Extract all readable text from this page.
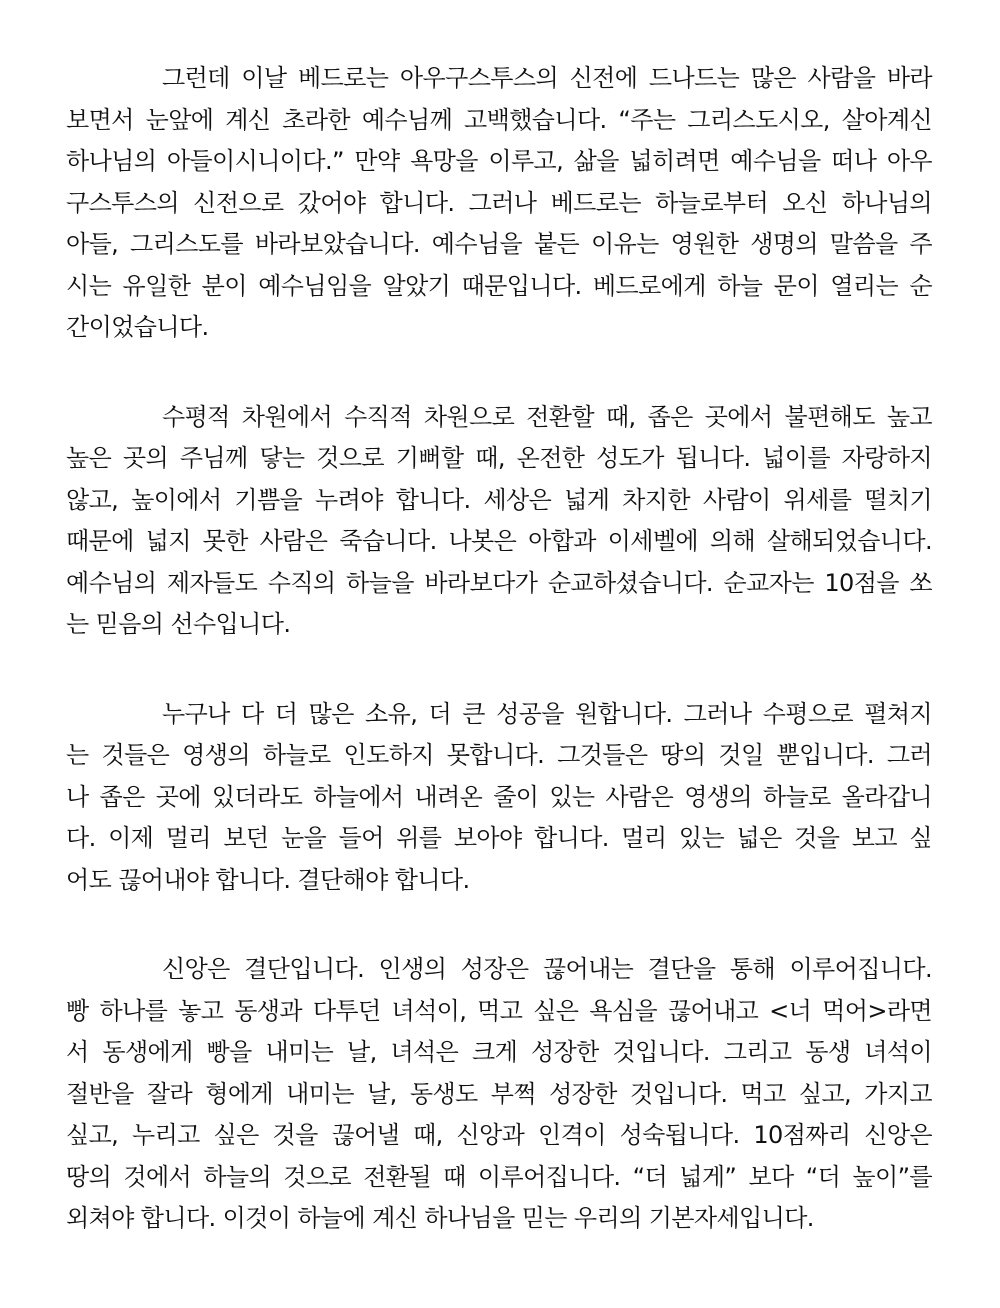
그런데 이날 베드로는 아우구스투스의 신전에 드나드는 많은 사람을 바라
보면서 눈앞에 계신 초라한 예수님께 고백했습니다. “주는 그리스도시오, 살아계신
하나님의 아들이시니이다.” 만약 욕망을 이루고, 삶을 넓히려면 예수님을 떠나 아우
구스투스의 신전으로 갔어야 합니다. 그러나 베드로는 하늘로부터 오신 하나님의
아들, 그리스도를 바라보았습니다. 예수님을 붙든 이유는 영원한 생명의 말씀을 주
시는 유일한 분이 예수님임을 알았기 때문입니다. 베드로에게 하늘 문이 열리는 순
간이었습니다.
수평적 차원에서 수직적 차원으로 전환할 때, 좁은 곳에서 불편해도 높고
높은 곳의 주님께 닿는 것으로 기뻐할 때, 온전한 성도가 됩니다. 넓이를 자랑하지
않고, 높이에서 기쁨을 누려야 합니다. 세상은 넓게 차지한 사람이 위세를 떨치기
때문에 넓지 못한 사람은 죽습니다. 나봇은 아합과 이세벨에 의해 살해되었습니다.
예수님의 제자들도 수직의 하늘을 바라보다가 순교하셨습니다. 순교자는 10점을 쏘
는 믿음의 선수입니다.
누구나 다 더 많은 소유, 더 큰 성공을 원합니다. 그러나 수평으로 펼쳐지
는 것들은 영생의 하늘로 인도하지 못합니다. 그것들은 땅의 것일 뿐입니다. 그러
나 좁은 곳에 있더라도 하늘에서 내려온 줄이 있는 사람은 영생의 하늘로 올라갑니
다. 이제 멀리 보던 눈을 들어 위를 보아야 합니다. 멀리 있는 넓은 것을 보고 싶
어도 끊어내야 합니다. 결단해야 합니다.
신앙은 결단입니다. 인생의 성장은 끊어내는 결단을 통해 이루어집니다.
빵 하나를 놓고 동생과 다투던 녀석이, 먹고 싶은 욕심을 끊어내고 <너 먹어>라면
서 동생에게 빵을 내미는 날, 녀석은 크게 성장한 것입니다. 그리고 동생 녀석이
절반을 잘라 형에게 내미는 날, 동생도 부쩍 성장한 것입니다. 먹고 싶고, 가지고
싶고, 누리고 싶은 것을 끊어낼 때, 신앙과 인격이 성숙됩니다. 10점짜리 신앙은
땅의 것에서 하늘의 것으로 전환될 때 이루어집니다. “더 넓게” 보다 “더 높이”를
외쳐야 합니다. 이것이 하늘에 계신 하나님을 믿는 우리의 기본자세입니다.
